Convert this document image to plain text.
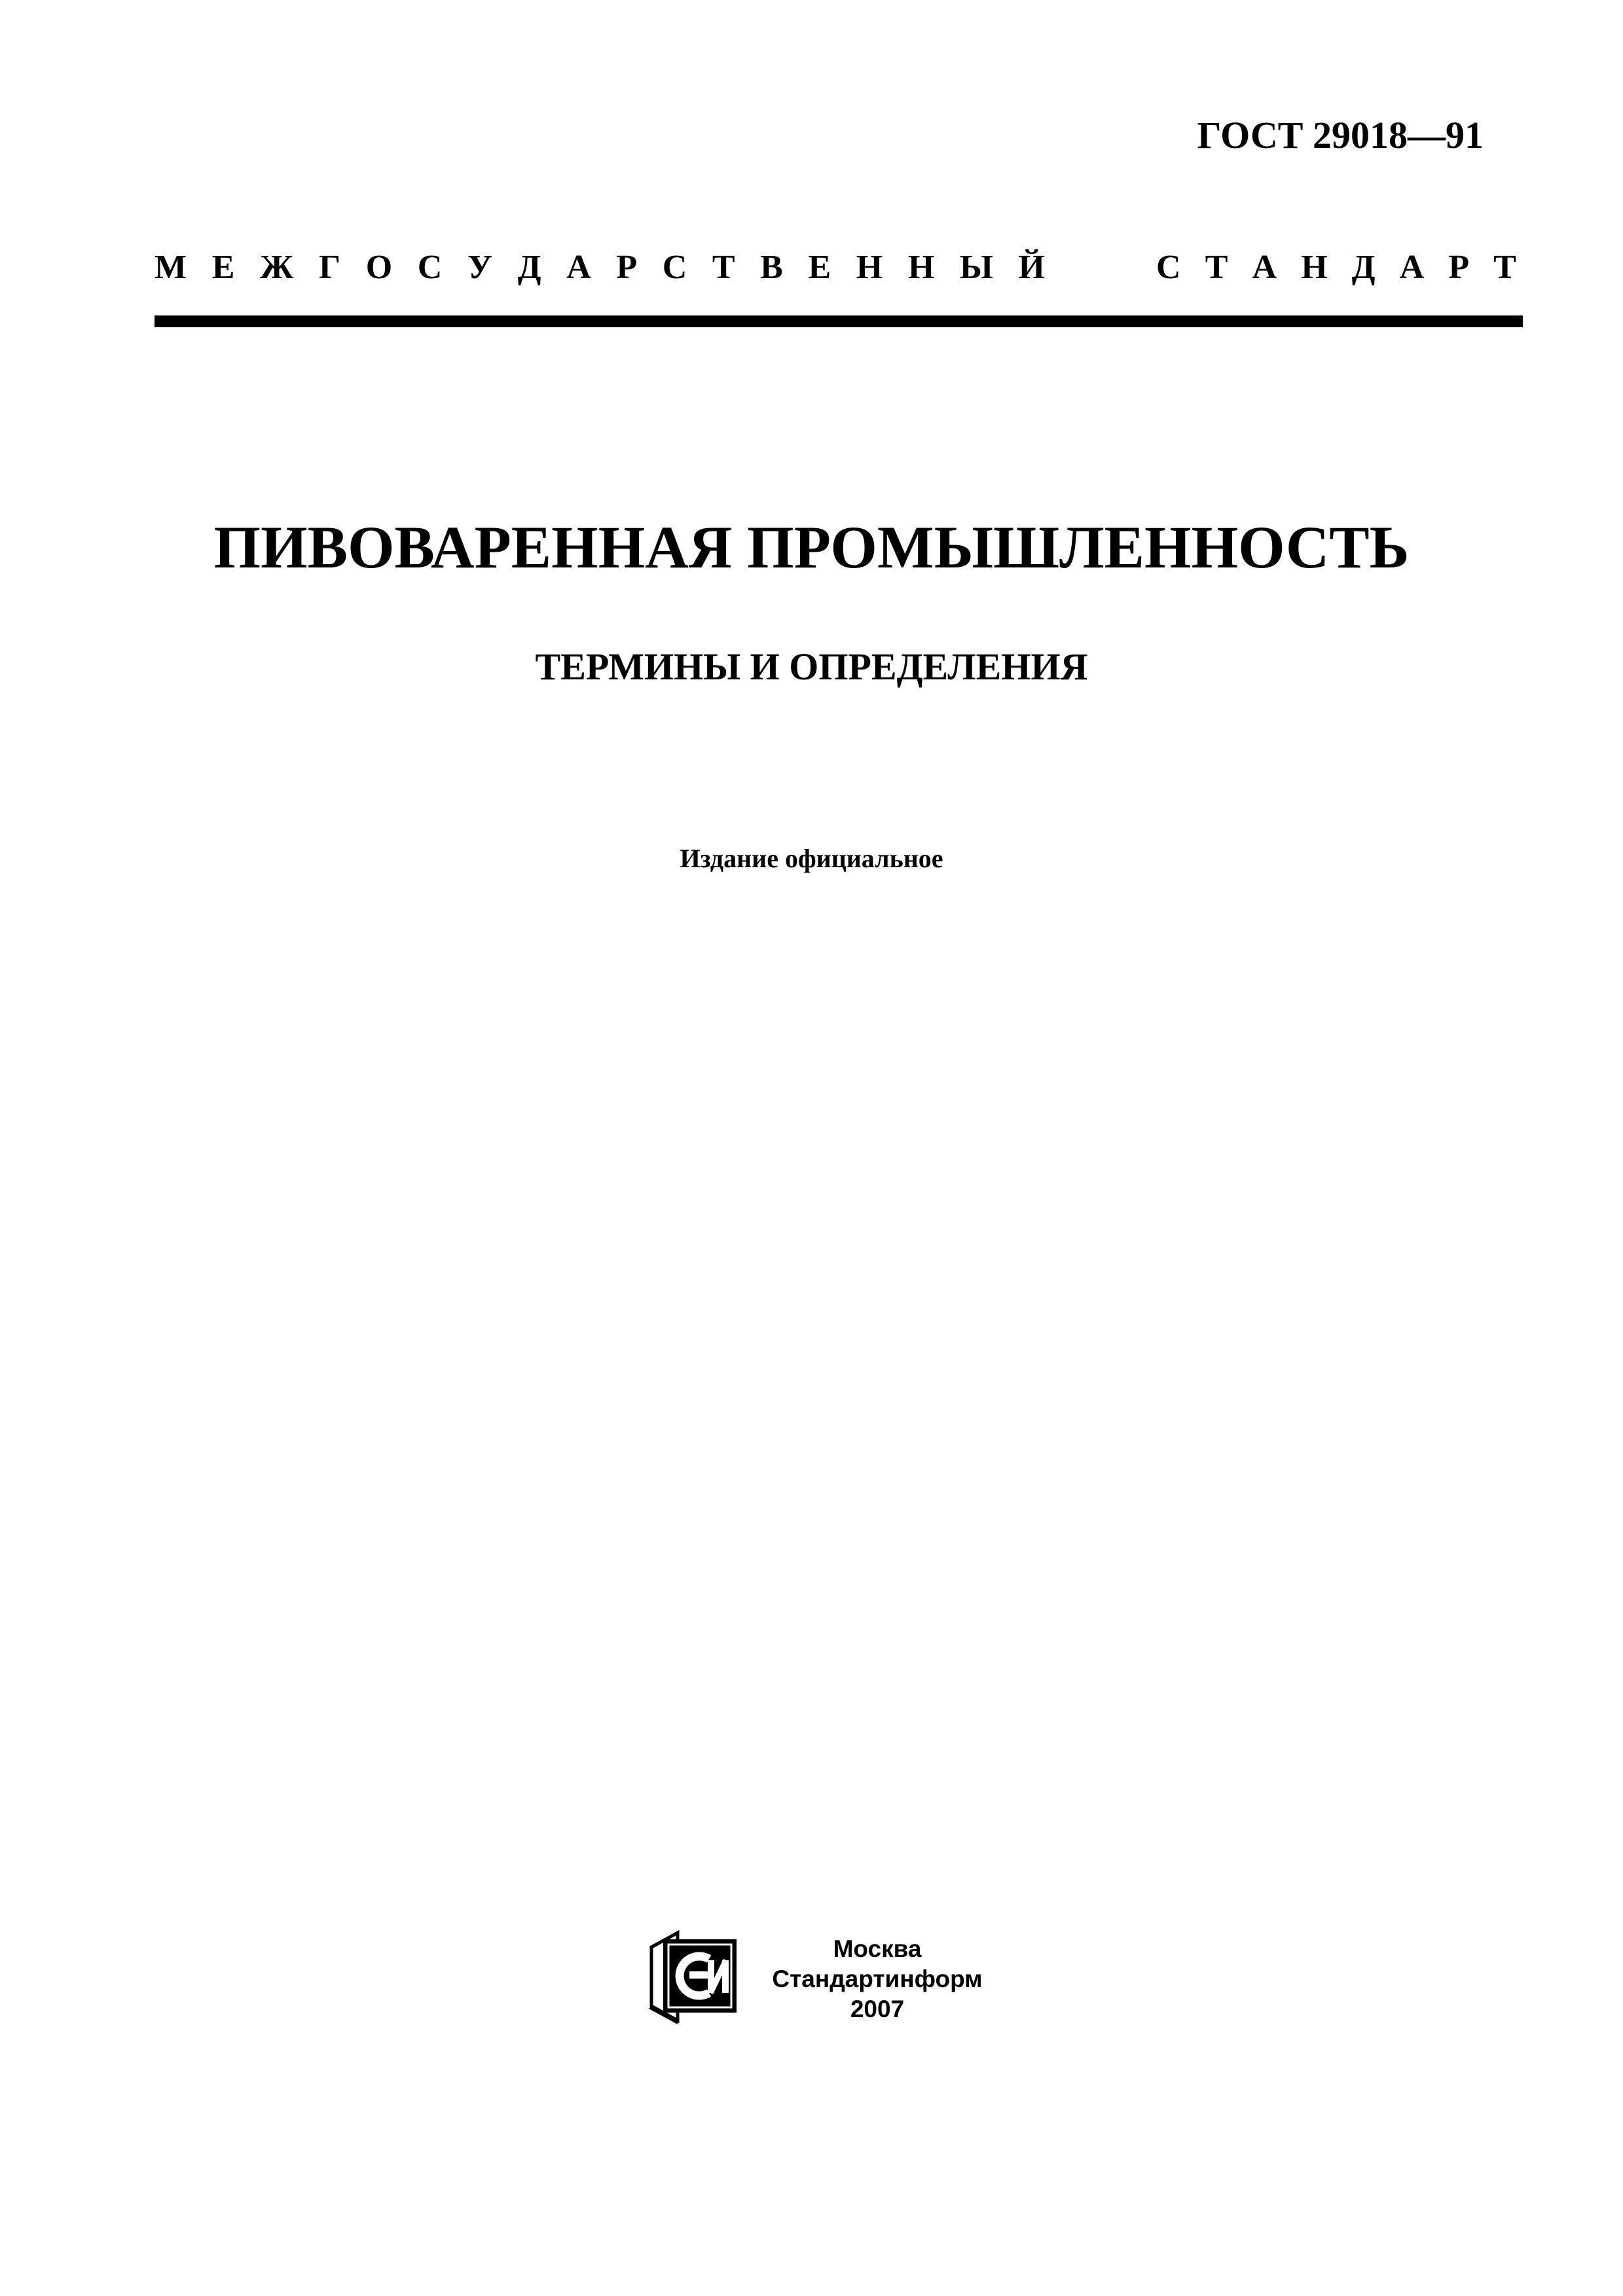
ГОСТ 29018—91
М Е Ж Г О С У Д А Р С Т В Е Н Н Ы Й	С Т А Н Д А Р Т
ПИВОВАРЕННАЯ ПРОМЫШЛЕННОСТЬ
ТЕРМИНЫ И ОПРЕДЕЛЕНИЯ
Издание официальное
Москва
Стандартинформ
2007
